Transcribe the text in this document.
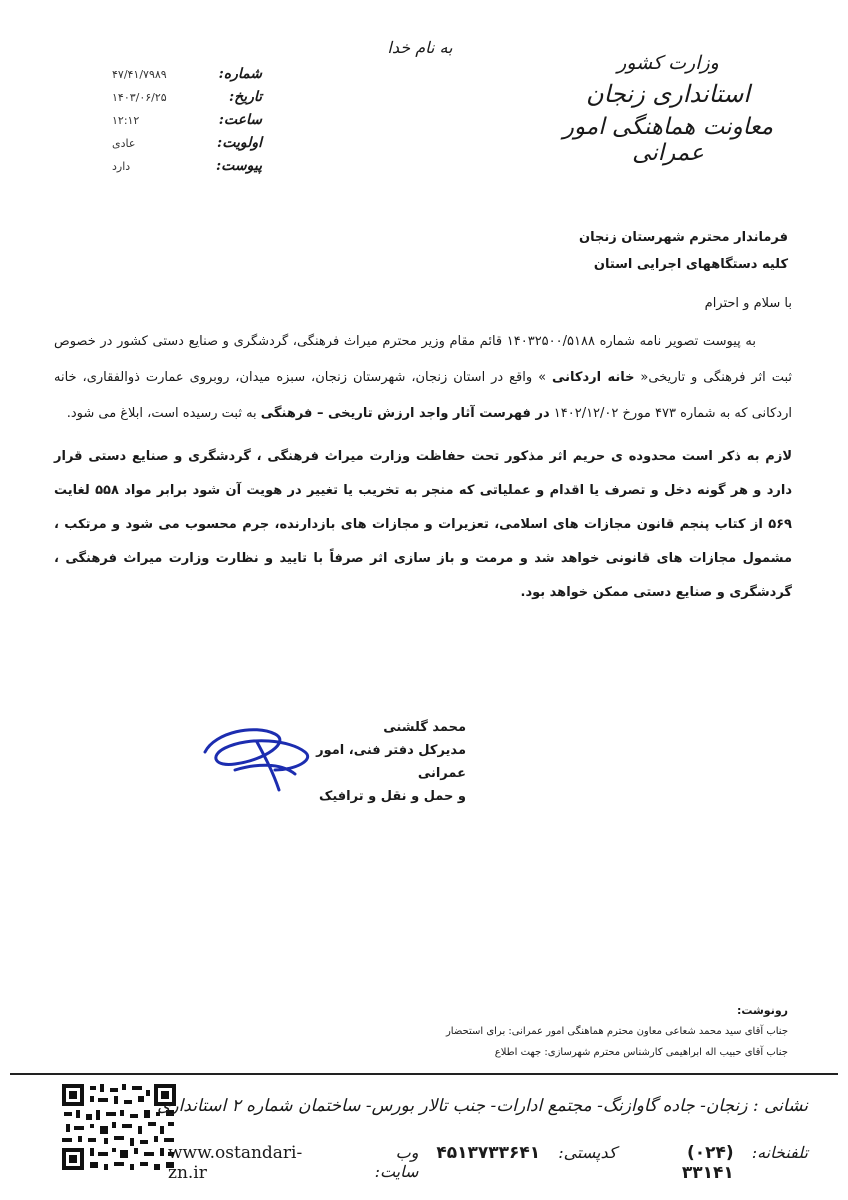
به نام خدا
وزارت کشور
استانداری زنجان
معاونت هماهنگی امور عمرانی
شماره:
۴۷/۴۱/۷۹۸۹
تاریخ:
۱۴۰۳/۰۶/۲۵
ساعت:
۱۲:۱۲
اولویت:
عادی
پیوست:
دارد
فرماندار محترم شهرستان زنجان
کلیه دستگاههای اجرایی استان

با سلام و احترام

به پیوست تصویر نامه شماره ۱۴۰۳۲۵۰۰/۵۱۸۸ قائم مقام وزیر محترم میراث فرهنگی، گردشگری و صنایع دستی کشور در خصوص ثبت اثر فرهنگی و تاریخی« خانه اردکانی » واقع در استان زنجان، شهرستان زنجان، سبزه میدان، روبروی عمارت ذوالفقاری، خانه اردکانی که به شماره ۴۷۳ مورخ ۱۴۰۲/۱۲/۰۲ در فهرست آثار واجد ارزش تاریخی – فرهنگی به ثبت رسیده است، ابلاغ می شود.

لازم به ذکر است محدوده ی حریم اثر مذکور تحت حفاظت وزارت میراث فرهنگی ، گردشگری و صنایع دستی قرار دارد و هر گونه دخل و تصرف یا اقدام و عملیاتی که منجر به تخریب یا تغییر در هویت آن شود برابر مواد ۵۵۸ لغایت ۵۶۹ از کتاب پنجم قانون مجازات های اسلامی، تعزیرات و مجازات های بازدارنده، جرم محسوب می شود و مرتکب ، مشمول مجازات های قانونی خواهد شد و مرمت و باز سازی اثر صرفاً با تایید و نظارت وزارت میراث فرهنگی ، گردشگری و صنایع دستی ممکن خواهد بود.

محمد گلشنی
مدیرکل دفتر فنی، امور عمرانی
و حمل و نقل و ترافیک
رونوشت:
جناب آقای سید محمد شعاعی معاون محترم هماهنگی امور عمرانی: برای استحضار
جناب آقای حبیب اله ابراهیمی کارشناس محترم شهرسازی: جهت اطلاع
نشانی : زنجان- جاده گاوازنگ- مجتمع ادارات- جنب تالار بورس- ساختمان شماره ۲ استانداری
تلفنخانه:
(۰۲۴) ۳۳۱۴۱
کدپستی:
۴۵۱۳۷۳۳۶۴۱
وب سایت:
www.ostandari-zn.ir
